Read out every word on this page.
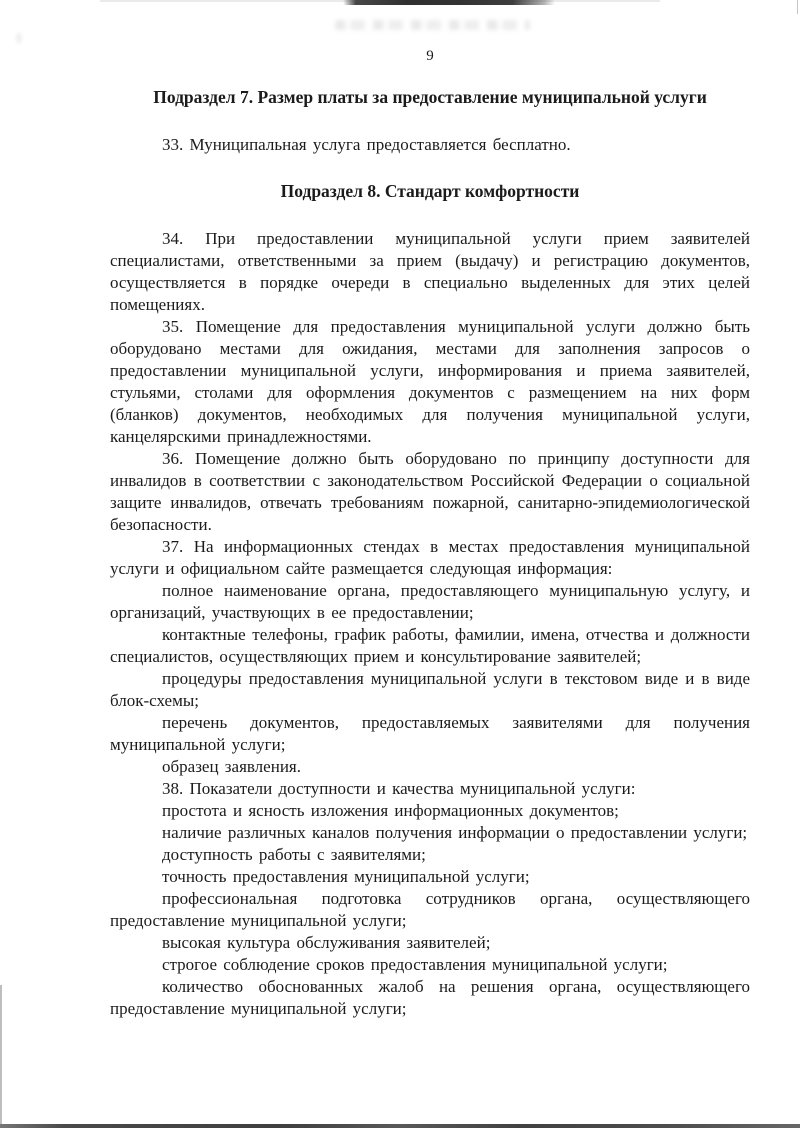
9

Подраздел 7. Размер платы за предоставление муниципальной услуги

33. Муниципальная услуга предоставляется бесплатно.

Подраздел 8. Стандарт комфортности

34. При предоставлении муниципальной услуги прием заявителей специалистами, ответственными за прием (выдачу) и регистрацию документов, осуществляется в порядке очереди в специально выделенных для этих целей помещениях.

35. Помещение для предоставления муниципальной услуги должно быть оборудовано местами для ожидания, местами для заполнения запросов о предоставлении муниципальной услуги, информирования и приема заявителей, стульями, столами для оформления документов с размещением на них форм (бланков) документов, необходимых для получения муниципальной услуги, канцелярскими принадлежностями.

36. Помещение должно быть оборудовано по принципу доступности для инвалидов в соответствии с законодательством Российской Федерации о социальной защите инвалидов, отвечать требованиям пожарной, санитарно-эпидемиологической безопасности.

37. На информационных стендах в местах предоставления муниципальной услуги и официальном сайте размещается следующая информация:

полное наименование органа, предоставляющего муниципальную услугу, и организаций, участвующих в ее предоставлении;

контактные телефоны, график работы, фамилии, имена, отчества и должности специалистов, осуществляющих прием и консультирование заявителей;

процедуры предоставления муниципальной услуги в текстовом виде и в виде блок-схемы;

перечень документов, предоставляемых заявителями для получения муниципальной услуги;

образец заявления.

38. Показатели доступности и качества муниципальной услуги:

простота и ясность изложения информационных документов;

наличие различных каналов получения информации о предоставлении услуги;

доступность работы с заявителями;

точность предоставления муниципальной услуги;

профессиональная подготовка сотрудников органа, осуществляющего предоставление муниципальной услуги;

высокая культура обслуживания заявителей;

строгое соблюдение сроков предоставления муниципальной услуги;

количество обоснованных жалоб на решения органа, осуществляющего предоставление муниципальной услуги;
